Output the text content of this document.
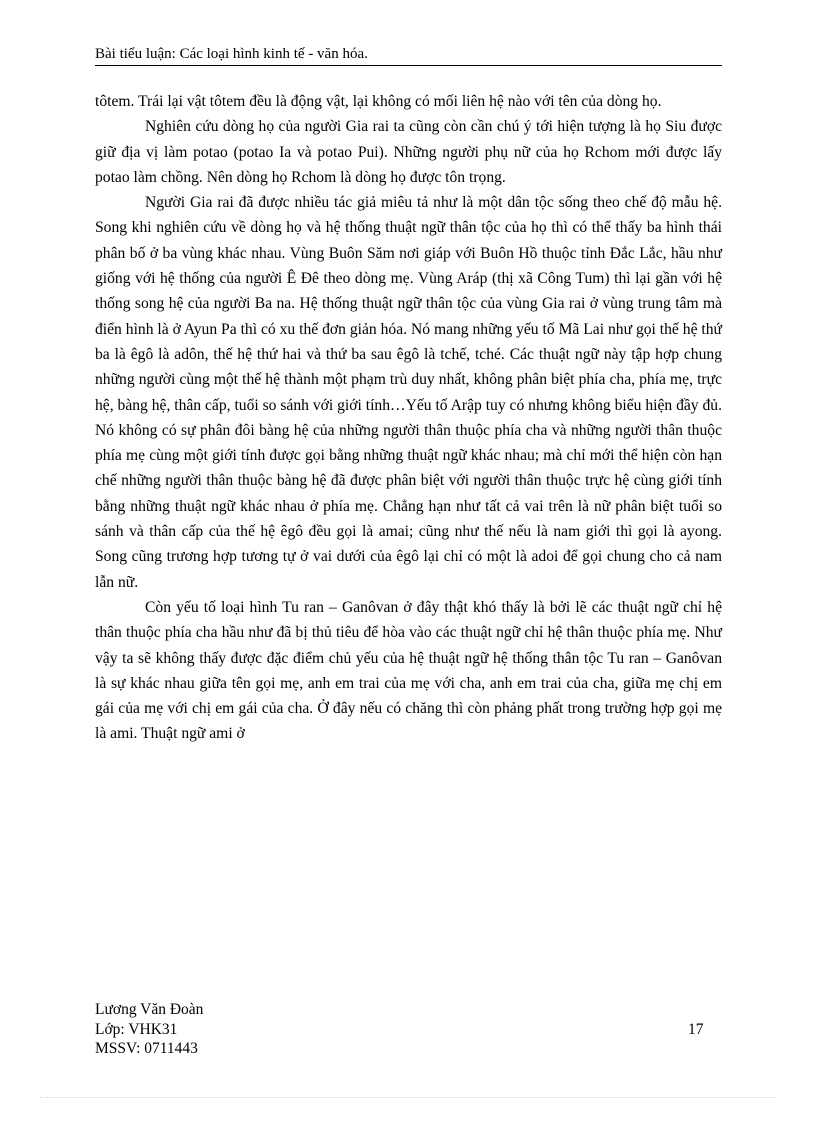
Bài tiểu luận: Các loại hình kinh tế - văn hóa.

tôtem. Trái lại vật tôtem đều là động vật, lại không có mối liên hệ nào với tên của dòng họ.

Nghiên cứu dòng họ của người Gia rai ta cũng còn cần chú ý tới hiện tượng là họ Siu được giữ địa vị làm potao (potao Ia và potao Pui). Những người phụ nữ của họ Rchom mới được lấy potao làm chồng. Nên dòng họ Rchom là dòng họ được tôn trọng.

Người Gia rai đã được nhiều tác giả miêu tả như là một dân tộc sống theo chế độ mẫu hệ. Song khi nghiên cứu về dòng họ và hệ thống thuật ngữ thân tộc của họ thì có thể thấy ba hình thái phân bố ở ba vùng khác nhau. Vùng Buôn Săm nơi giáp với Buôn Hồ thuộc tỉnh Đắc Lắc, hầu như giống với hệ thống của người Ê Đê theo dòng mẹ. Vùng Aráp (thị xã Công Tum) thì lại gần với hệ thống song hệ của người Ba na. Hệ thống thuật ngữ thân tộc của vùng Gia rai ở vùng trung tâm mà điển hình là ở Ayun Pa thì có xu thế đơn giản hóa. Nó mang những yếu tố Mã Lai như gọi thế hệ thứ ba là êgô là adôn, thế hệ thứ hai và thứ ba sau êgô là tchế, tché. Các thuật ngữ này tập hợp chung những người cùng một thế hệ thành một phạm trù duy nhất, không phân biệt phía cha, phía mẹ, trực hệ, bàng hệ, thân cấp, tuổi so sánh với giới tính…Yếu tố Arập tuy có nhưng không biểu hiện đầy đủ. Nó không có sự phân đôi bàng hệ của những người thân thuộc phía cha và những người thân thuộc phía mẹ cùng một giới tính được gọi bằng những thuật ngữ khác nhau; mà chỉ mới thể hiện còn hạn chế những người thân thuộc bàng hệ đã được phân biệt với người thân thuộc trực hệ cùng giới tính bằng những thuật ngữ khác nhau ở phía mẹ. Chẳng hạn như tất cả vai trên là nữ phân biệt tuổi so sánh và thân cấp của thế hệ êgô đều gọi là amai; cũng như thế nếu là nam giới thì gọi là ayong. Song cũng trương hợp tương tự ở vai dưới của êgô lại chỉ có một là adoi để gọi chung cho cả nam lẫn nữ.

Còn yếu tố loại hình Tu ran – Ganôvan ở đây thật khó thấy là bởi lẽ các thuật ngữ chỉ hệ thân thuộc phía cha hầu như đã bị thủ tiêu để hòa vào các thuật ngữ chỉ hệ thân thuộc phía mẹ. Như vậy ta sẽ không thấy được đặc điểm chủ yếu của hệ thuật ngữ hệ thống thân tộc Tu ran – Ganôvan là sự khác nhau giữa tên gọi mẹ, anh em trai của mẹ với cha, anh em trai của cha, giữa mẹ chị em gái của mẹ với chị em gái của cha. Ở đây nếu có chăng thì còn phảng phất trong trường hợp gọi mẹ là ami. Thuật ngữ ami ở

Lương Văn Đoàn
Lớp: VHK31
MSSV: 0711443
17
